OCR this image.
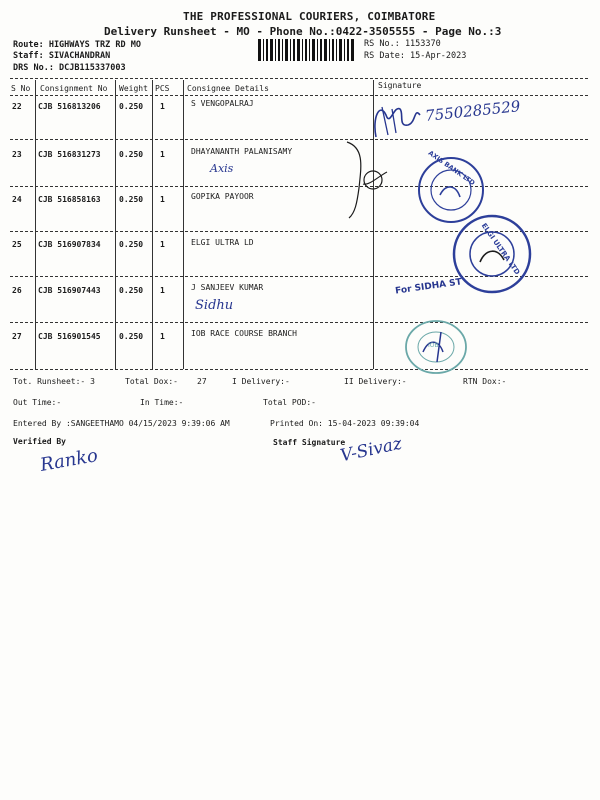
THE PROFESSIONAL COURIERS, COIMBATORE
Delivery Runsheet - MO - Phone No.:0422-3505555 - Page No.:3
Route: HIGHWAYS TRZ RD MO
Staff: SIVACHANDRAN
DRS No.: DCJB115337003
RS No.: 1153370
RS Date: 15-Apr-2023
S No Consignment No Weight PCS Consignee Details	Signature
22 CJB 516813206 0.250 1	S VENGOPALRAJ
23 CJB 516831273 0.250 1	DHAYANANTH PALANISAMY
Axis
24 CJB 516858163 0.250 1	GOPIKA PAYOOR
25 CJB 516907834 0.250 1	ELGI ULTRA LD
26 CJB 516907443 0.250 1	J SANJEEV KUMAR
Sidhu
27 CJB 516901545 0.250 1	IOB RACE COURSE BRANCH
7550285529
AXIS BANK LTD
ELGI ULTRA LTD
For SIDHA ST
IOB
Tot. Runsheet:- 3	Total Dox:- 27	I Delivery:-	II Delivery:-	RTN Dox:-
Out Time:-	In Time:-	Total POD:-
Entered By :SANGEETHAMO 04/15/2023 9:39:06 AM	Printed On: 15-04-2023 09:39:04
Verified By	Staff Signature
Ranko	V-Sivaz
